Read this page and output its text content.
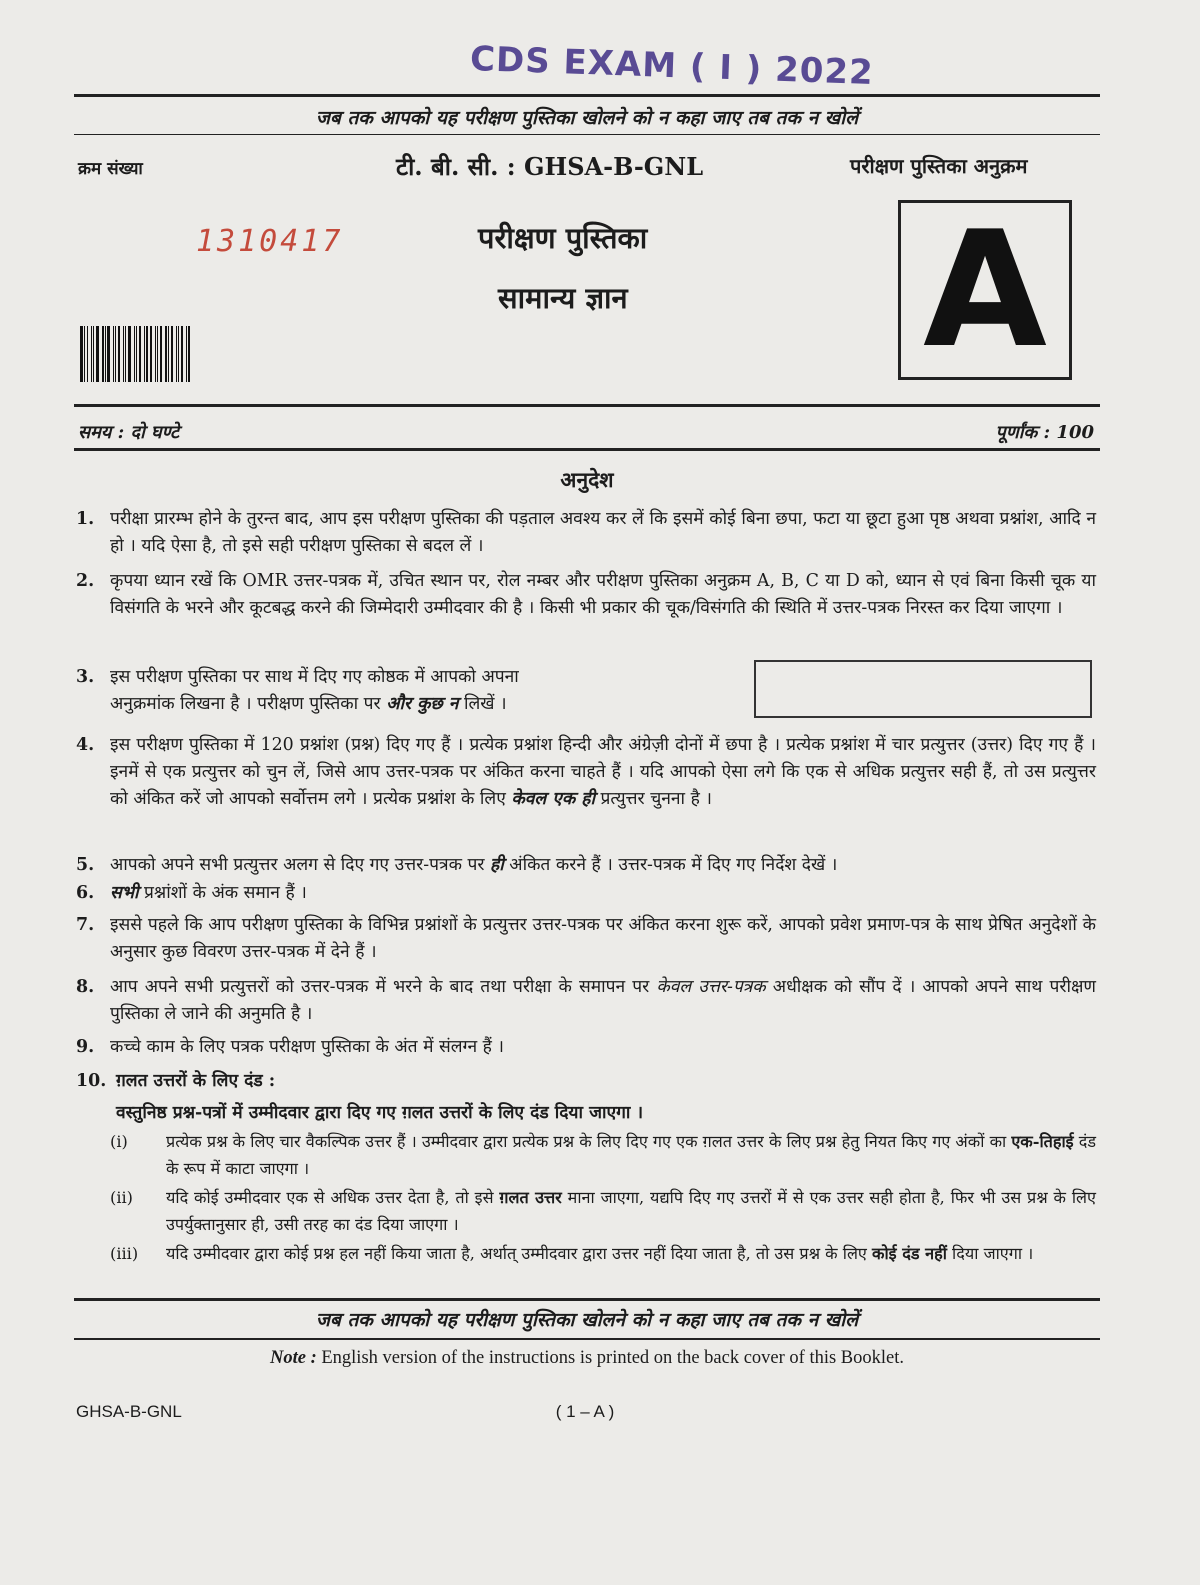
CDS EXAM ( I ) 2022
जब तक आपको यह परीक्षण पुस्तिका खोलने को न कहा जाए तब तक न खोलें
क्रम संख्या	टी. बी. सी. : GHSA-B-GNL	परीक्षण पुस्तिका अनुक्रम
1310417	परीक्षण पुस्तिका
सामान्य ज्ञान A
समय : दो घण्टे	पूर्णांक : 100
अनुदेश
1. परीक्षा प्रारम्भ होने के तुरन्त बाद, आप इस परीक्षण पुस्तिका की पड़ताल अवश्य कर लें कि इसमें कोई बिना छपा, फटा या छूटा हुआ पृष्ठ अथवा प्रश्नांश, आदि न हो । यदि ऐसा है, तो इसे सही परीक्षण पुस्तिका से बदल लें ।
2. कृपया ध्यान रखें कि OMR उत्तर-पत्रक में, उचित स्थान पर, रोल नम्बर और परीक्षण पुस्तिका अनुक्रम A, B, C या D को, ध्यान से एवं बिना किसी चूक या विसंगति के भरने और कूटबद्ध करने की जिम्मेदारी उम्मीदवार की है । किसी भी प्रकार की चूक/विसंगति की स्थिति में उत्तर-पत्रक निरस्त कर दिया जाएगा ।
3. इस परीक्षण पुस्तिका पर साथ में दिए गए कोष्ठक में आपको अपना
अनुक्रमांक लिखना है । परीक्षण पुस्तिका पर और कुछ न लिखें ।
4. इस परीक्षण पुस्तिका में 120 प्रश्नांश (प्रश्न) दिए गए हैं । प्रत्येक प्रश्नांश हिन्दी और अंग्रेज़ी दोनों में छपा है । प्रत्येक प्रश्नांश में चार प्रत्युत्तर (उत्तर) दिए गए हैं । इनमें से एक प्रत्युत्तर को चुन लें, जिसे आप उत्तर-पत्रक पर अंकित करना चाहते हैं । यदि आपको ऐसा लगे कि एक से अधिक प्रत्युत्तर सही हैं, तो उस प्रत्युत्तर को अंकित करें जो आपको सर्वोत्तम लगे । प्रत्येक प्रश्नांश के लिए केवल एक ही प्रत्युत्तर चुनना है ।
5. आपको अपने सभी प्रत्युत्तर अलग से दिए गए उत्तर-पत्रक पर ही अंकित करने हैं । उत्तर-पत्रक में दिए गए निर्देश देखें ।
6. सभी प्रश्नांशों के अंक समान हैं ।
7. इससे पहले कि आप परीक्षण पुस्तिका के विभिन्न प्रश्नांशों के प्रत्युत्तर उत्तर-पत्रक पर अंकित करना शुरू करें, आपको प्रवेश प्रमाण-पत्र के साथ प्रेषित अनुदेशों के अनुसार कुछ विवरण उत्तर-पत्रक में देने हैं ।
8. आप अपने सभी प्रत्युत्तरों को उत्तर-पत्रक में भरने के बाद तथा परीक्षा के समापन पर केवल उत्तर-पत्रक अधीक्षक को सौंप दें । आपको अपने साथ परीक्षण पुस्तिका ले जाने की अनुमति है ।
9. कच्चे काम के लिए पत्रक परीक्षण पुस्तिका के अंत में संलग्न हैं ।
10. ग़लत उत्तरों के लिए दंड :
वस्तुनिष्ठ प्रश्न-पत्रों में उम्मीदवार द्वारा दिए गए ग़लत उत्तरों के लिए दंड दिया जाएगा ।
(i) प्रत्येक प्रश्न के लिए चार वैकल्पिक उत्तर हैं । उम्मीदवार द्वारा प्रत्येक प्रश्न के लिए दिए गए एक ग़लत उत्तर के लिए प्रश्न हेतु नियत किए गए अंकों का एक-तिहाई दंड के रूप में काटा जाएगा ।
(ii) यदि कोई उम्मीदवार एक से अधिक उत्तर देता है, तो इसे ग़लत उत्तर माना जाएगा, यद्यपि दिए गए उत्तरों में से एक उत्तर सही होता है, फिर भी उस प्रश्न के लिए उपर्युक्तानुसार ही, उसी तरह का दंड दिया जाएगा ।
(iii) यदि उम्मीदवार द्वारा कोई प्रश्न हल नहीं किया जाता है, अर्थात् उम्मीदवार द्वारा उत्तर नहीं दिया जाता है, तो उस प्रश्न के लिए कोई दंड नहीं दिया जाएगा ।
जब तक आपको यह परीक्षण पुस्तिका खोलने को न कहा जाए तब तक न खोलें
Note : English version of the instructions is printed on the back cover of this Booklet.
GHSA-B-GNL	( 1 – A )
